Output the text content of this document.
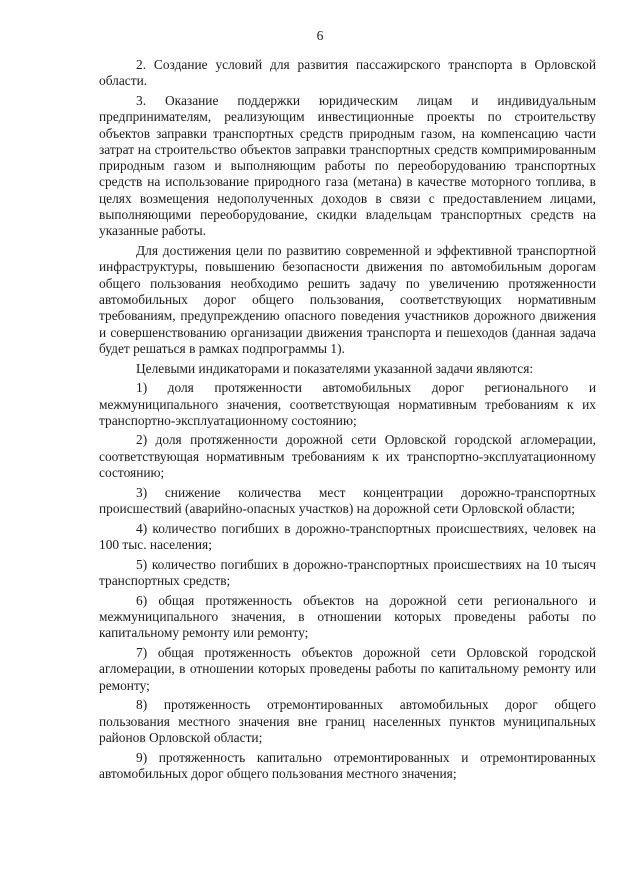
6

2. Создание условий для развития пассажирского транспорта в Орловской области.

3. Оказание поддержки юридическим лицам и индивидуальным предпринимателям, реализующим инвестиционные проекты по строительству объектов заправки транспортных средств природным газом, на компенсацию части затрат на строительство объектов заправки транспортных средств компримированным природным газом и выполняющим работы по переоборудованию транспортных средств на использование природного газа (метана) в качестве моторного топлива, в целях возмещения недополученных доходов в связи с предоставлением лицами, выполняющими переоборудование, скидки владельцам транспортных средств на указанные работы.

Для достижения цели по развитию современной и эффективной транспортной инфраструктуры, повышению безопасности движения по автомобильным дорогам общего пользования необходимо решить задачу по увеличению протяженности автомобильных дорог общего пользования, соответствующих нормативным требованиям, предупреждению опасного поведения участников дорожного движения и совершенствованию организации движения транспорта и пешеходов (данная задача будет решаться в рамках подпрограммы 1).

Целевыми индикаторами и показателями указанной задачи являются:

1) доля протяженности автомобильных дорог регионального и межмуниципального значения, соответствующая нормативным требованиям к их транспортно-эксплуатационному состоянию;

2) доля протяженности дорожной сети Орловской городской агломерации, соответствующая нормативным требованиям к их транспортно-эксплуатационному состоянию;

3) снижение количества мест концентрации дорожно-транспортных происшествий (аварийно-опасных участков) на дорожной сети Орловской области;

4) количество погибших в дорожно-транспортных происшествиях, человек на 100 тыс. населения;

5) количество погибших в дорожно-транспортных происшествиях на 10 тысяч транспортных средств;

6) общая протяженность объектов на дорожной сети регионального и межмуниципального значения, в отношении которых проведены работы по капитальному ремонту или ремонту;

7) общая протяженность объектов дорожной сети Орловской городской агломерации, в отношении которых проведены работы по капитальному ремонту или ремонту;

8) протяженность отремонтированных автомобильных дорог общего пользования местного значения вне границ населенных пунктов муниципальных районов Орловской области;

9) протяженность капитально отремонтированных и отремонтированных автомобильных дорог общего пользования местного значения;
